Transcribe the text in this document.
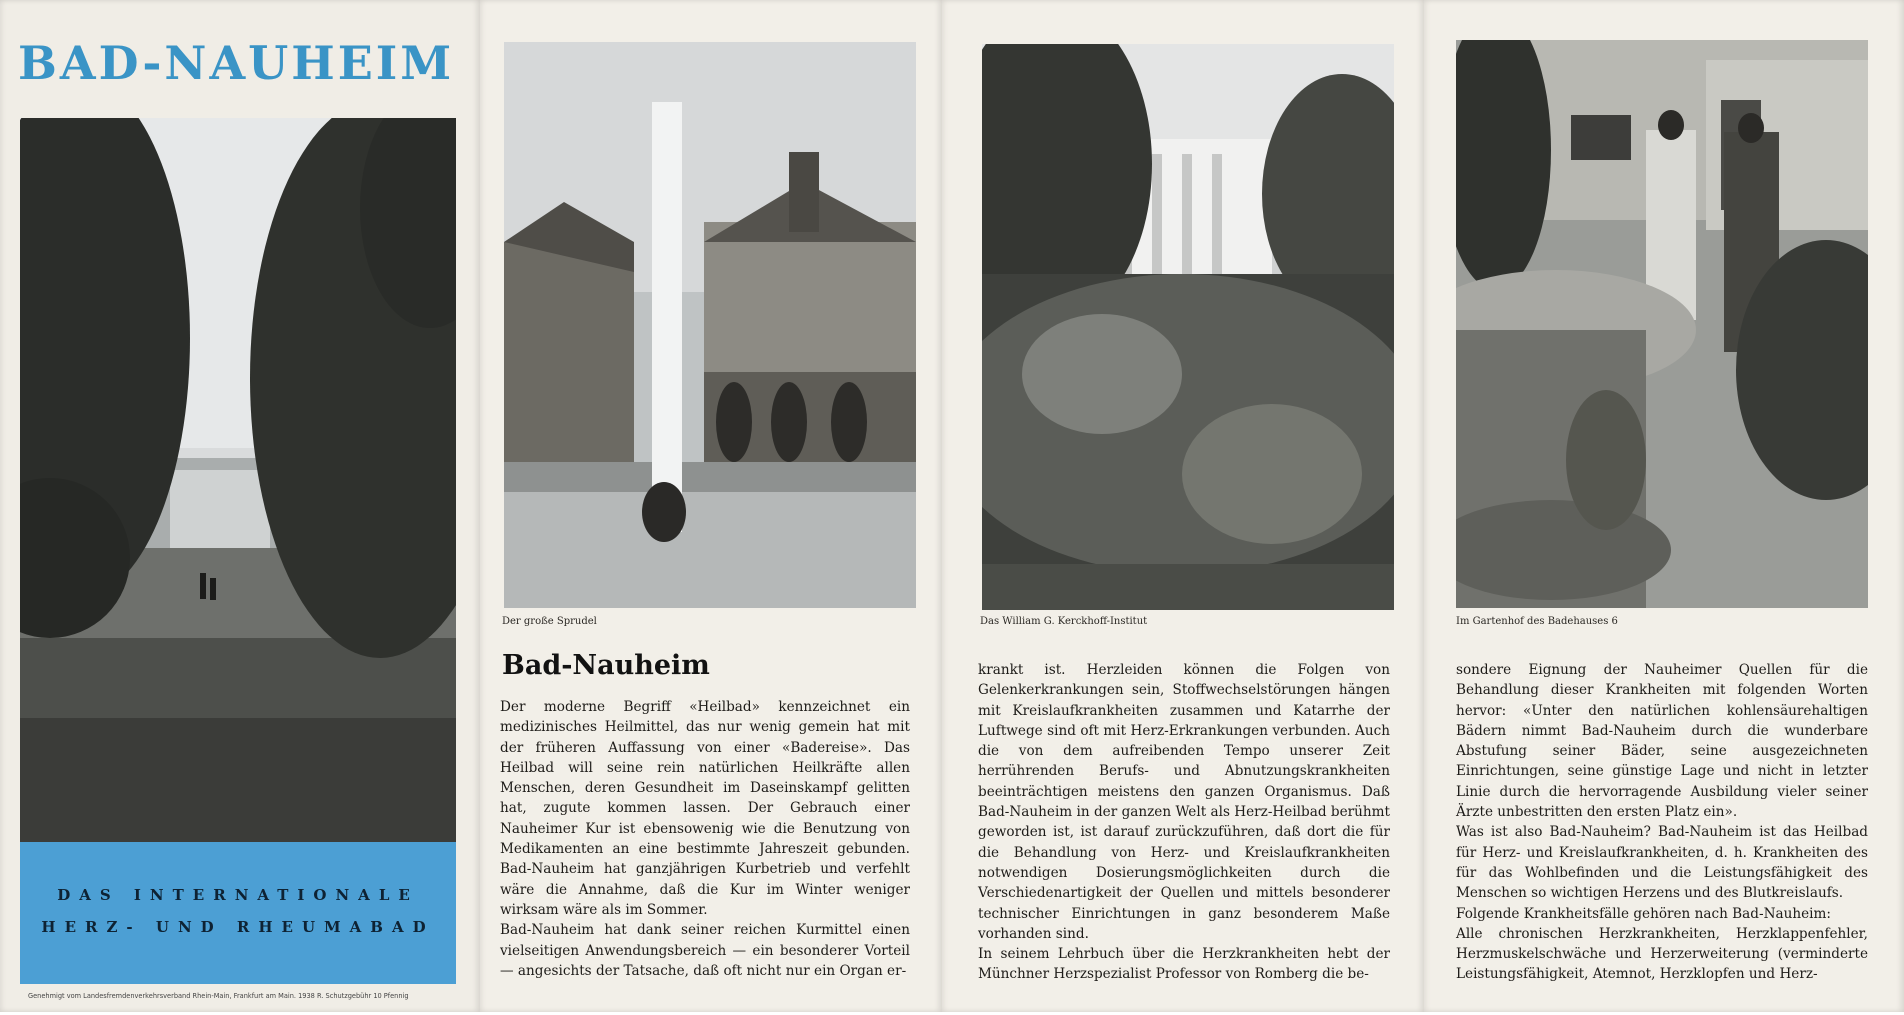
BAD-NAUHEIM
DAS INTERNATIONALE
HERZ- UND RHEUMABAD
Genehmigt vom Landesfremdenverkehrsverband Rhein-Main, Frankfurt am Main. 1938 R. Schutzgebühr 10 Pfennig
Der große Sprudel
Bad-Nauheim

Der moderne Begriff «Heilbad» kennzeichnet ein medizinisches Heilmittel, das nur wenig gemein hat mit der früheren Auffassung von einer «Badereise». Das Heilbad will seine rein natürlichen Heilkräfte allen Menschen, deren Gesundheit im Daseinskampf gelitten hat, zugute kommen lassen. Der Gebrauch einer Nauheimer Kur ist ebensowenig wie die Benutzung von Medikamenten an eine bestimmte Jahreszeit gebunden. Bad-Nauheim hat ganzjährigen Kurbetrieb und verfehlt wäre die Annahme, daß die Kur im Winter weniger wirksam wäre als im Sommer.

Bad-Nauheim hat dank seiner reichen Kurmittel einen vielseitigen Anwendungsbereich — ein besonderer Vorteil — angesichts der Tatsache, daß oft nicht nur ein Organ er-

Das William G. Kerckhoff-Institut

krankt ist. Herzleiden können die Folgen von Gelenkerkrankungen sein, Stoffwechselstörungen hängen mit Kreislaufkrankheiten zusammen und Katarrhe der Luftwege sind oft mit Herz-Erkrankungen verbunden. Auch die von dem aufreibenden Tempo unserer Zeit herrührenden Berufs- und Abnutzungskrankheiten beeinträchtigen meistens den ganzen Organismus. Daß Bad-Nauheim in der ganzen Welt als Herz-Heilbad berühmt geworden ist, ist darauf zurückzuführen, daß dort die für die Behandlung von Herz- und Kreislaufkrankheiten notwendigen Dosierungsmöglichkeiten durch die Verschiedenartigkeit der Quellen und mittels besonderer technischer Einrichtungen in ganz besonderem Maße vorhanden sind.

In seinem Lehrbuch über die Herzkrankheiten hebt der Münchner Herzspezialist Professor von Romberg die be-

Im Gartenhof des Badehauses 6

sondere Eignung der Nauheimer Quellen für die Behandlung dieser Krankheiten mit folgenden Worten hervor: «Unter den natürlichen kohlensäurehaltigen Bädern nimmt Bad-Nauheim durch die wunderbare Abstufung seiner Bäder, seine ausgezeichneten Einrichtungen, seine günstige Lage und nicht in letzter Linie durch die hervorragende Ausbildung vieler seiner Ärzte unbestritten den ersten Platz ein».

Was ist also Bad-Nauheim? Bad-Nauheim ist das Heilbad für Herz- und Kreislaufkrankheiten, d. h. Krankheiten des für das Wohlbefinden und die Leistungsfähigkeit des Menschen so wichtigen Herzens und des Blutkreislaufs.

Folgende Krankheitsfälle gehören nach Bad-Nauheim:

Alle chronischen Herzkrankheiten, Herzklappenfehler, Herzmuskelschwäche und Herzerweiterung (verminderte Leistungsfähigkeit, Atemnot, Herzklopfen und Herz-
